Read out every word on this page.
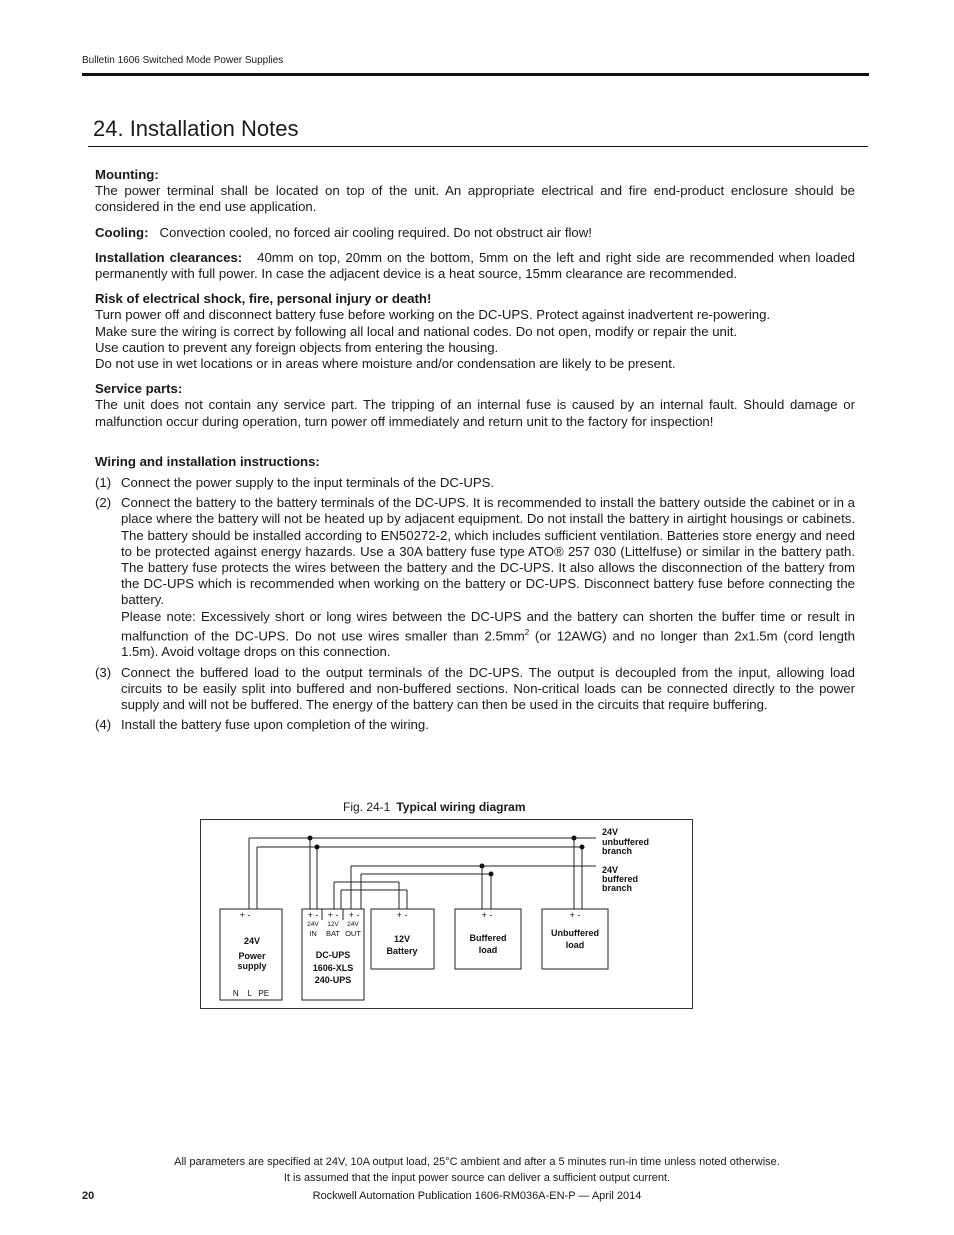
Bulletin 1606 Switched Mode Power Supplies
24. Installation Notes

Mounting:

The power terminal shall be located on top of the unit. An appropriate electrical and fire end-product enclosure should be considered in the end use application.

Cooling: Convection cooled, no forced air cooling required. Do not obstruct air flow!

Installation clearances: 40mm on top, 20mm on the bottom, 5mm on the left and right side are recommended when loaded permanently with full power. In case the adjacent device is a heat source, 15mm clearance are recommended.

Risk of electrical shock, fire, personal injury or death!

Turn power off and disconnect battery fuse before working on the DC-UPS. Protect against inadvertent re-powering.

Make sure the wiring is correct by following all local and national codes. Do not open, modify or repair the unit.

Use caution to prevent any foreign objects from entering the housing.

Do not use in wet locations or in areas where moisture and/or condensation are likely to be present.

Service parts:

The unit does not contain any service part. The tripping of an internal fuse is caused by an internal fault. Should damage or malfunction occur during operation, turn power off immediately and return unit to the factory for inspection!

Wiring and installation instructions:

(1) Connect the power supply to the input terminals of the DC-UPS.
(2) Connect the battery to the battery terminals of the DC-UPS. It is recommended to install the battery outside the cabinet or in a place where the battery will not be heated up by adjacent equipment. Do not install the battery in airtight housings or cabinets. The battery should be installed according to EN50272-2, which includes sufficient ventilation. Batteries store energy and need to be protected against energy hazards. Use a 30A battery fuse type ATO® 257 030 (Littelfuse) or similar in the battery path. The battery fuse protects the wires between the battery and the DC-UPS. It also allows the disconnection of the battery from the DC-UPS which is recommended when working on the battery or DC-UPS. Disconnect battery fuse before connecting the battery.
Please note: Excessively short or long wires between the DC-UPS and the battery can shorten the buffer time or result in malfunction of the DC-UPS. Do not use wires smaller than $2.5mm^2$ (or 12AWG) and no longer than 2x1.5m (cord length 1.5m). Avoid voltage drops on this connection.
(3) Connect the buffered load to the output terminals of the DC-UPS. The output is decoupled from the input, allowing load circuits to be easily split into buffered and non-buffered sections. Non-critical loads can be connected directly to the power supply and will not be buffered. The energy of the battery can then be used in the circuits that require buffering.
(4) Install the battery fuse upon completion of the wiring.
Fig. 24-1 Typical wiring diagram
24V
unbuffered
branch
24V
buffered
branch
+ -
24V
Power
supply
N    L   PE
+ - + - + -
24V 12V 24V
IN BAT OUT
DC-UPS
1606-XLS
240-UPS
+ -
12V
Battery
+ -
Buffered
load
+ -
Unbuffered
load
All parameters are specified at 24V, 10A output load, 25°C ambient and after a 5 minutes run-in time unless noted otherwise.
It is assumed that the input power source can deliver a sufficient output current.
Rockwell Automation Publication 1606-RM036A-EN-P — April 2014
20
